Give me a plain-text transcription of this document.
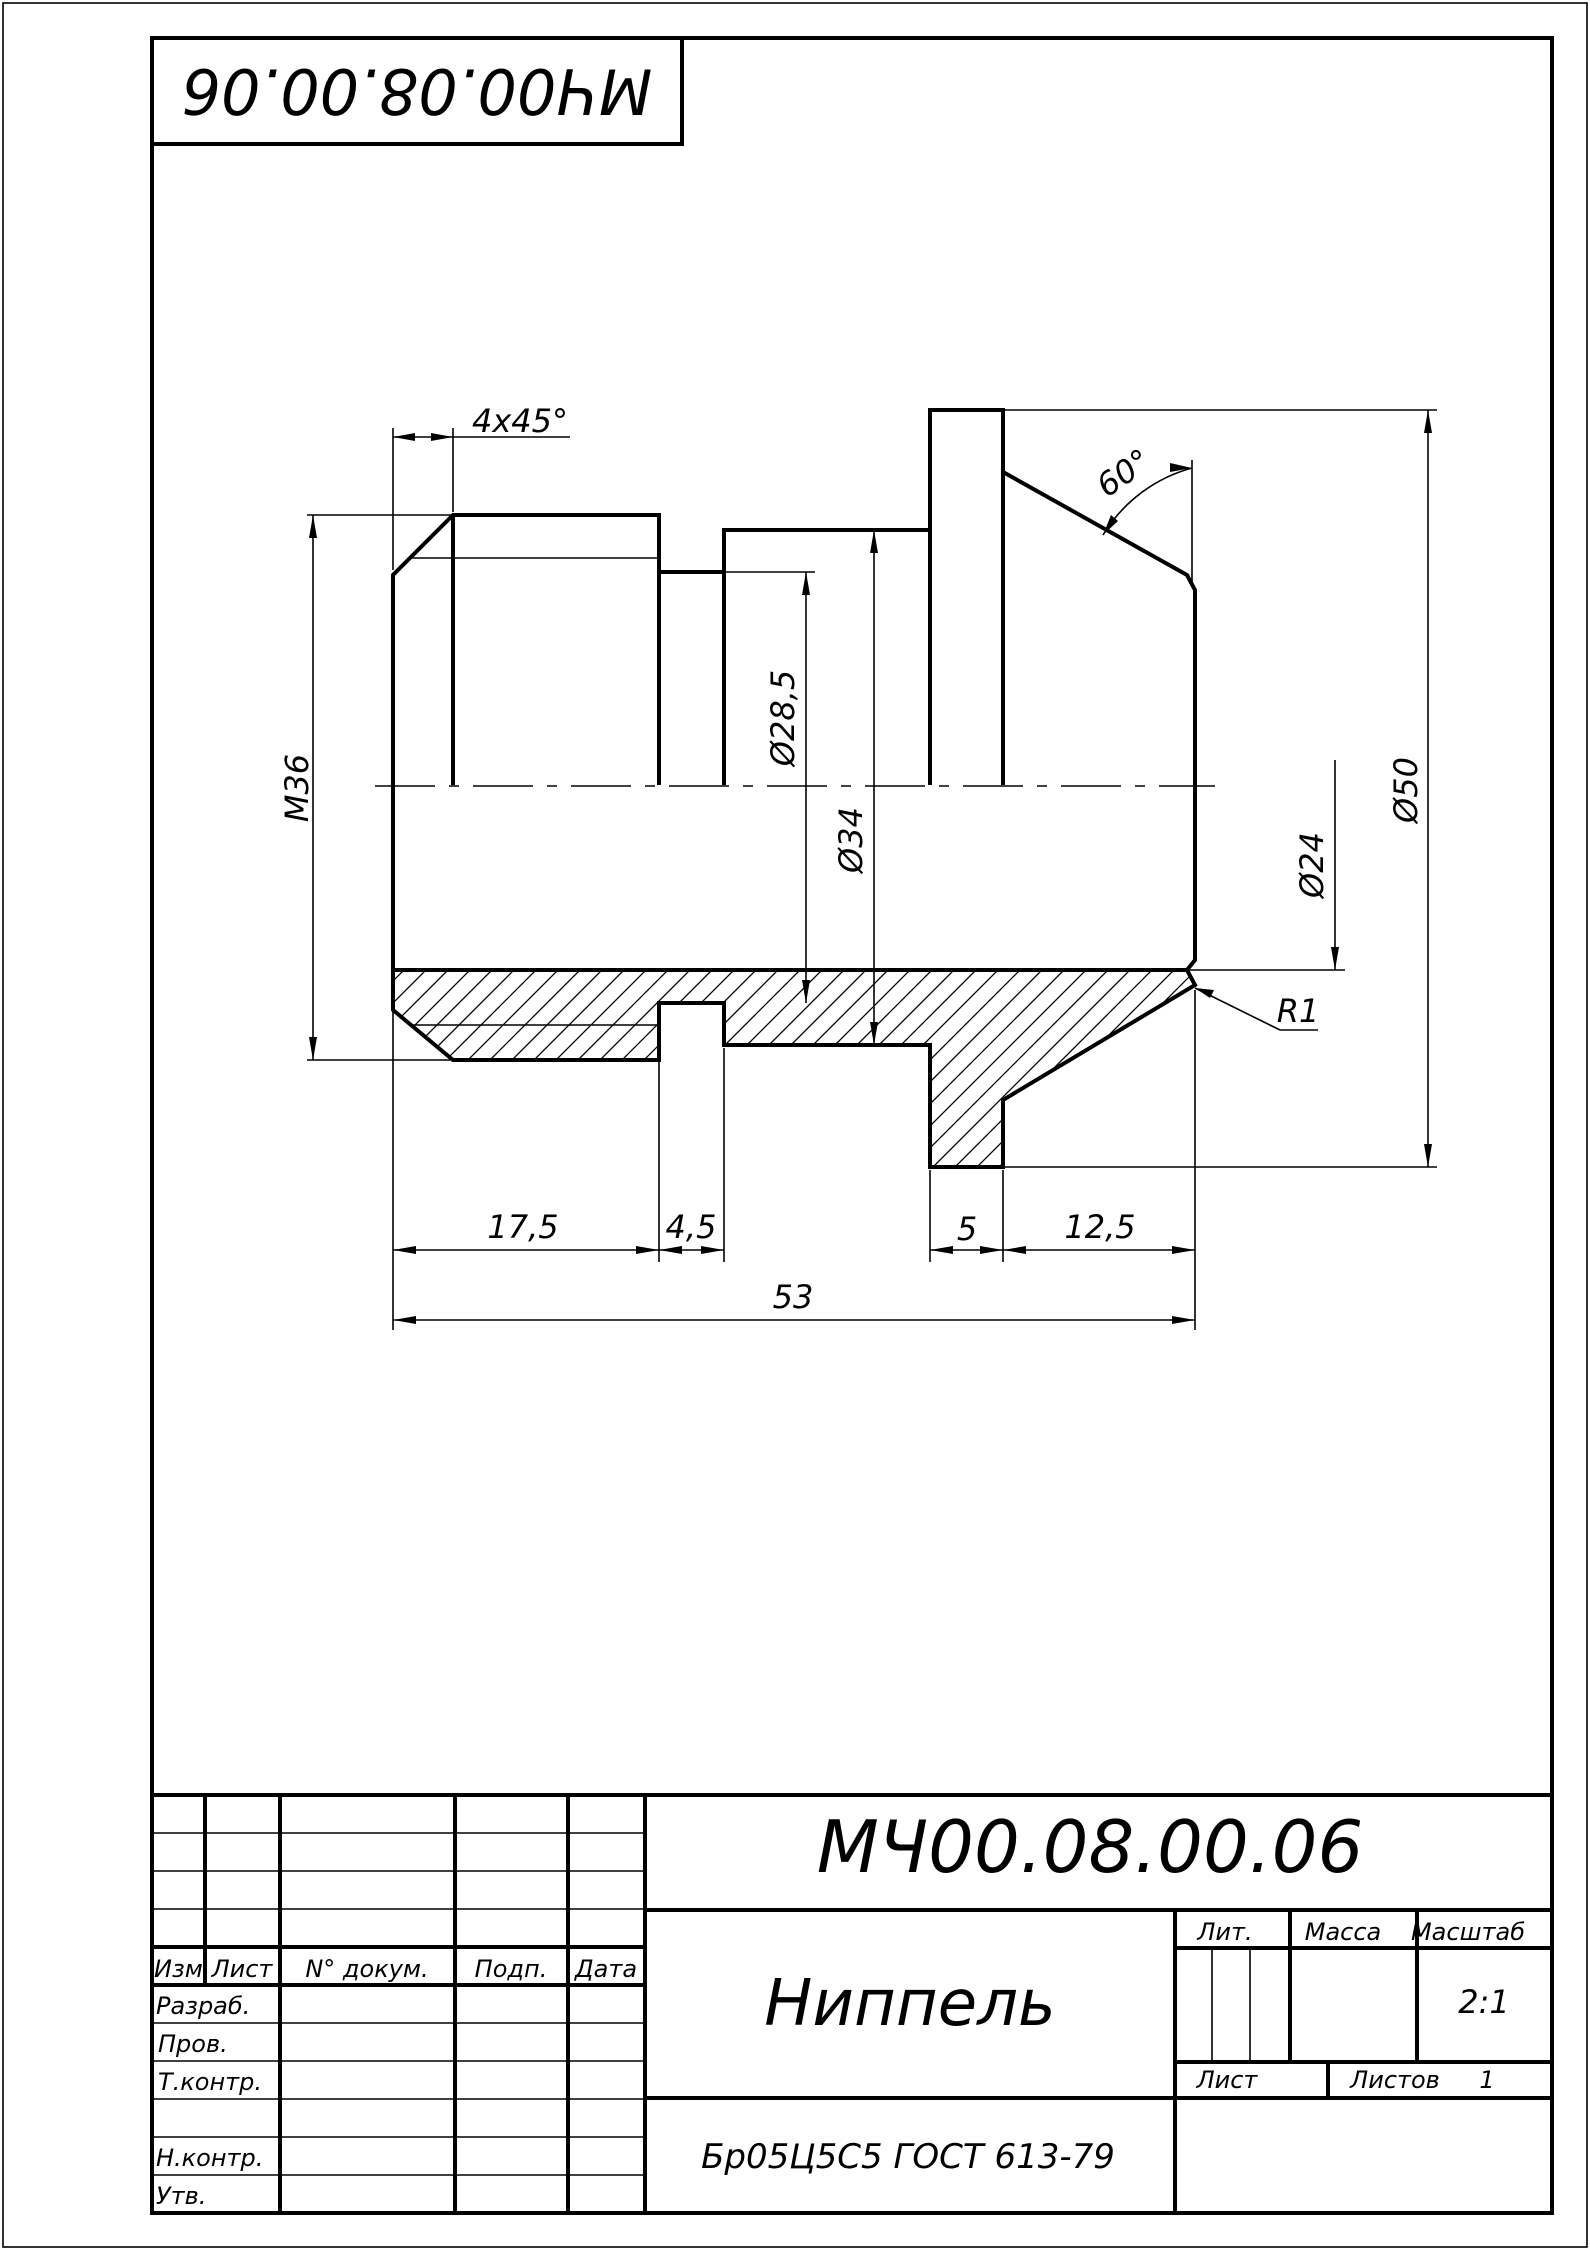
МЧ00.08.00.06
4x45°
М36
Ø28,5
Ø34	Ø24
Ø50
60°
R1
17,5	4,5	5	12,5
53
Изм Лист N° докум. Подп. Дата
Разраб.
Пров.
Т.контр.
Н.контр.
Утв.
МЧ00.08.00.06
Ниппель
Бр05Ц5С5 ГОСТ 613-79
Лит. Масса Масштаб
2:1
Лист	Листов 1
